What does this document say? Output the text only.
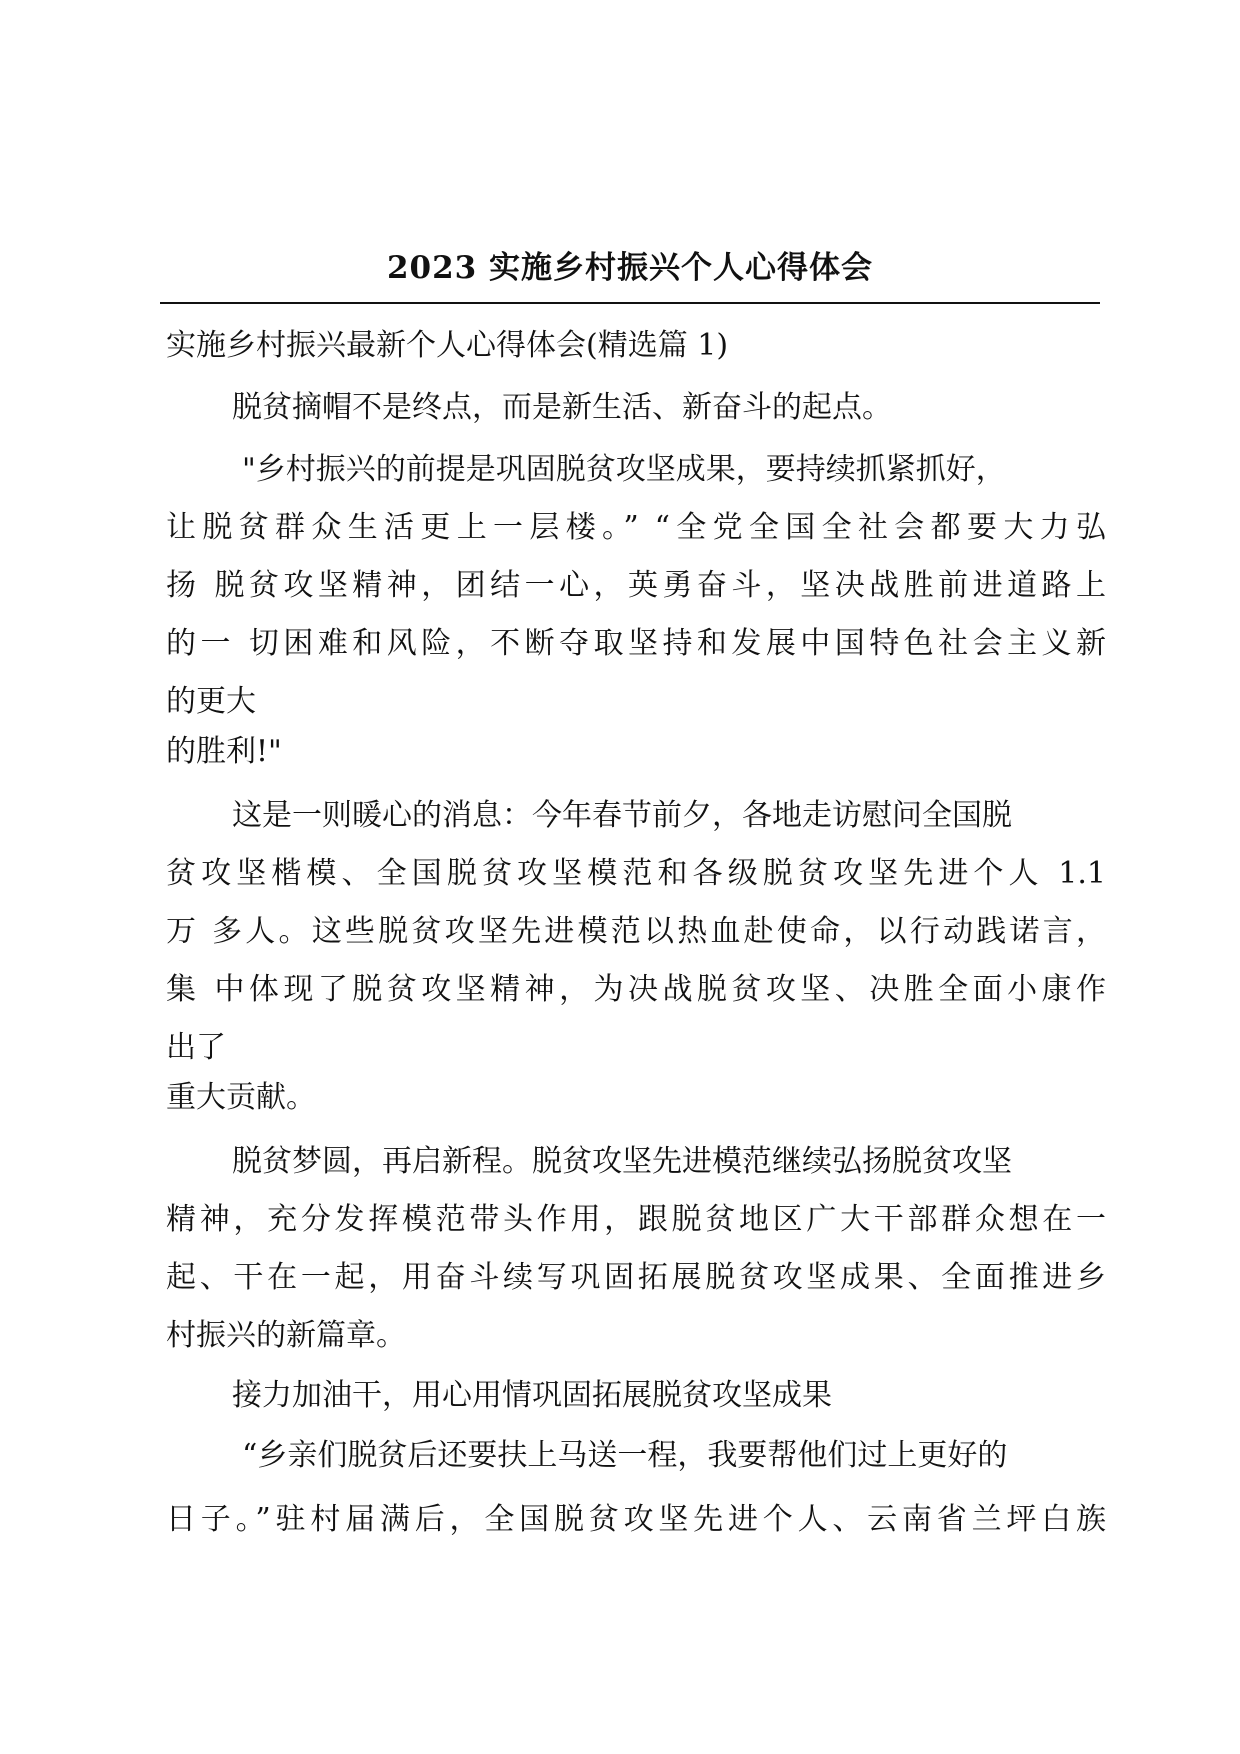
2023 实施乡村振兴个人心得体会
实施乡村振兴最新个人心得体会(精选篇 1)
脱贫摘帽不是终点，而是新生活、新奋斗的起点。
"乡村振兴的前提是巩固脱贫攻坚成果，要持续抓紧抓好，
让脱贫群众生活更上一层楼。” “全党全国全社会都要大力弘
扬 脱贫攻坚精神，团结一心，英勇奋斗，坚决战胜前进道路上
的一 切困难和风险，不断夺取坚持和发展中国特色社会主义新
的更大
的胜利!"
这是一则暖心的消息：今年春节前夕，各地走访慰问全国脱
贫攻坚楷模、全国脱贫攻坚模范和各级脱贫攻坚先进个人 1.1
万 多人。这些脱贫攻坚先进模范以热血赴使命，以行动践诺言，
集 中体现了脱贫攻坚精神，为决战脱贫攻坚、决胜全面小康作
出了
重大贡献。
脱贫梦圆，再启新程。脱贫攻坚先进模范继续弘扬脱贫攻坚
精神，充分发挥模范带头作用，跟脱贫地区广大干部群众想在一
起、干在一起，用奋斗续写巩固拓展脱贫攻坚成果、全面推进乡
村振兴的新篇章。
接力加油干，用心用情巩固拓展脱贫攻坚成果
“乡亲们脱贫后还要扶上马送一程，我要帮他们过上更好的
日子。”驻村届满后，全国脱贫攻坚先进个人、云南省兰坪白族
